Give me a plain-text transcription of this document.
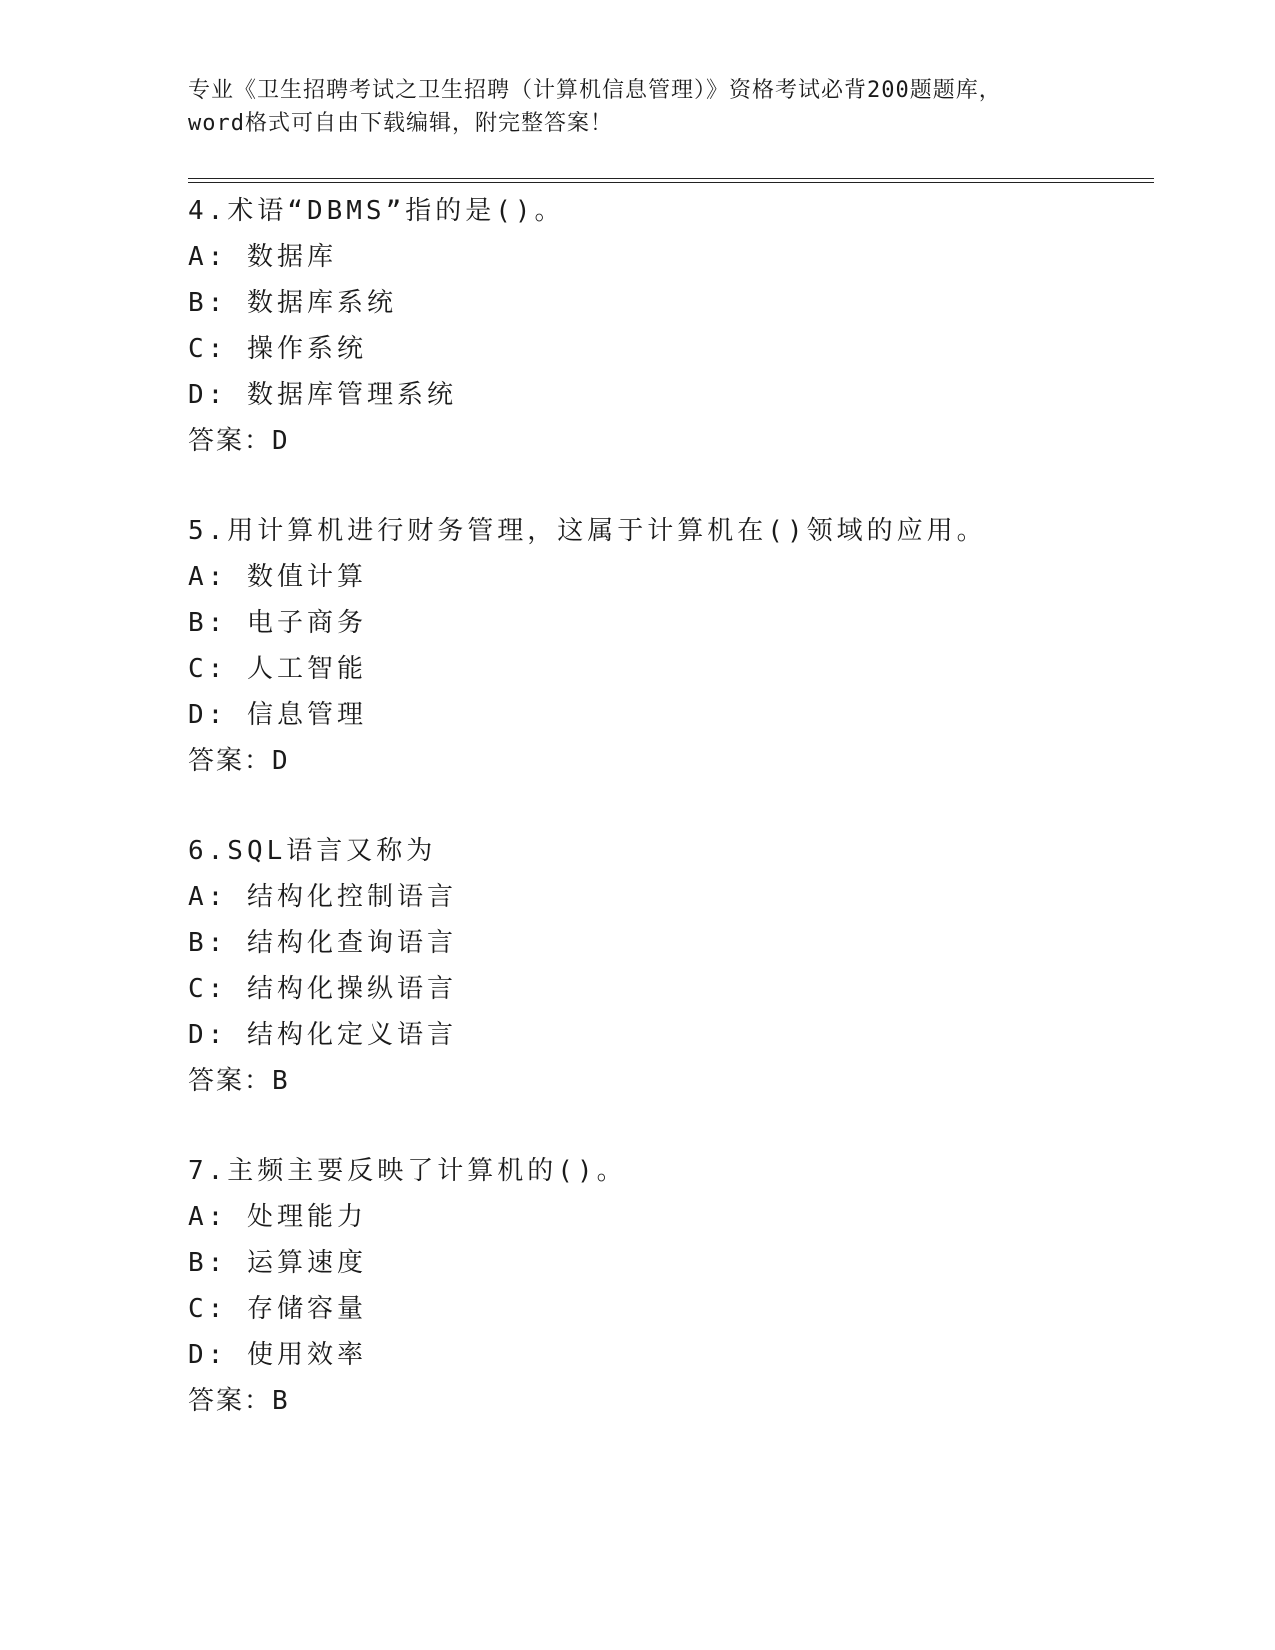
专业《卫生招聘考试之卫生招聘（计算机信息管理）》资格考试必背200题题库，
word格式可自由下载编辑，附完整答案！
4.术语“DBMS”指的是()。
A: 数据库
B: 数据库系统
C: 操作系统
D: 数据库管理系统
答案：D
5.用计算机进行财务管理，这属于计算机在()领域的应用。
A: 数值计算
B: 电子商务
C: 人工智能
D: 信息管理
答案：D
6.SQL语言又称为
A: 结构化控制语言
B: 结构化查询语言
C: 结构化操纵语言
D: 结构化定义语言
答案：B
7.主频主要反映了计算机的()。
A: 处理能力
B: 运算速度
C: 存储容量
D: 使用效率
答案：B
